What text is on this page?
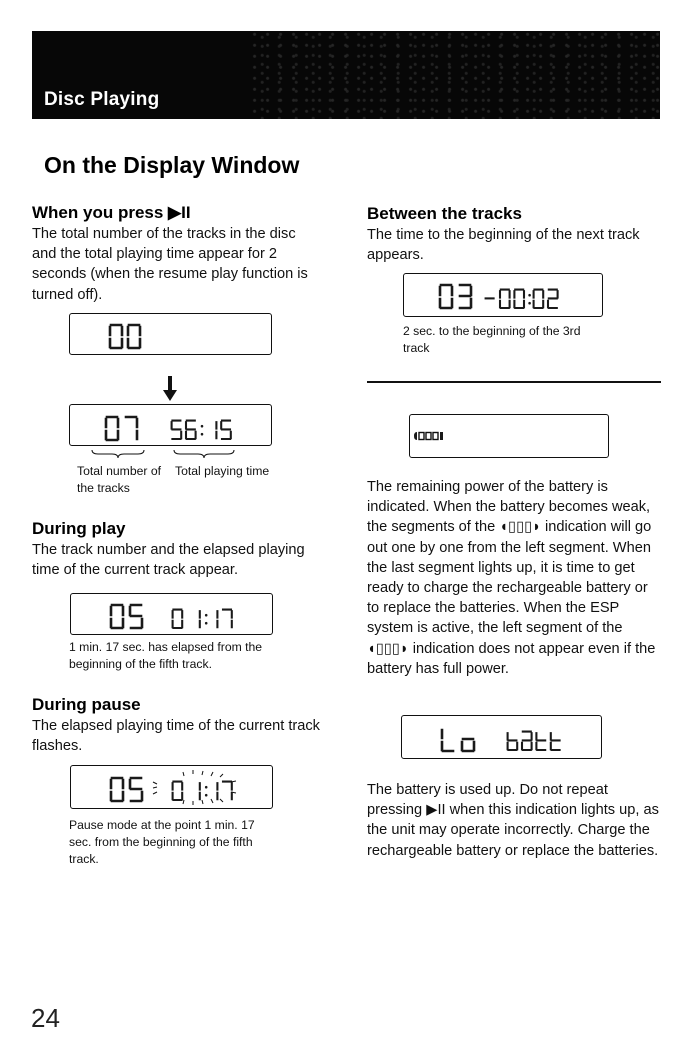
Disc Playing
On the Display Window
When you press ▶II

The total number of the tracks in the disc and the total playing time appear for 2 seconds (when the resume play function is turned off).

Total number of the tracks

Total playing time

During play

The track number and the elapsed playing time of the current track appear.

1 min. 17 sec. has elapsed from the beginning of the fifth track.

During pause

The elapsed playing time of the current track flashes.

Pause mode at the point 1 min. 17 sec. from the beginning of the fifth track.

Between the tracks

The time to the beginning of the next track appears.

2 sec. to the beginning of the 3rd track

The remaining power of the battery is indicated. When the battery becomes weak, the segments of the ◖▯▯▯◗ indication will go out one by one from the left segment. When the last segment lights up, it is time to get ready to charge the rechargeable battery or to replace the batteries. When the ESP system is active, the left segment of the ◖▯▯▯◗ indication does not appear even if the battery has full power.

The battery is used up. Do not repeat pressing ▶II when this indication lights up, as the unit may operate incorrectly. Charge the rechargeable battery or replace the batteries.

24
